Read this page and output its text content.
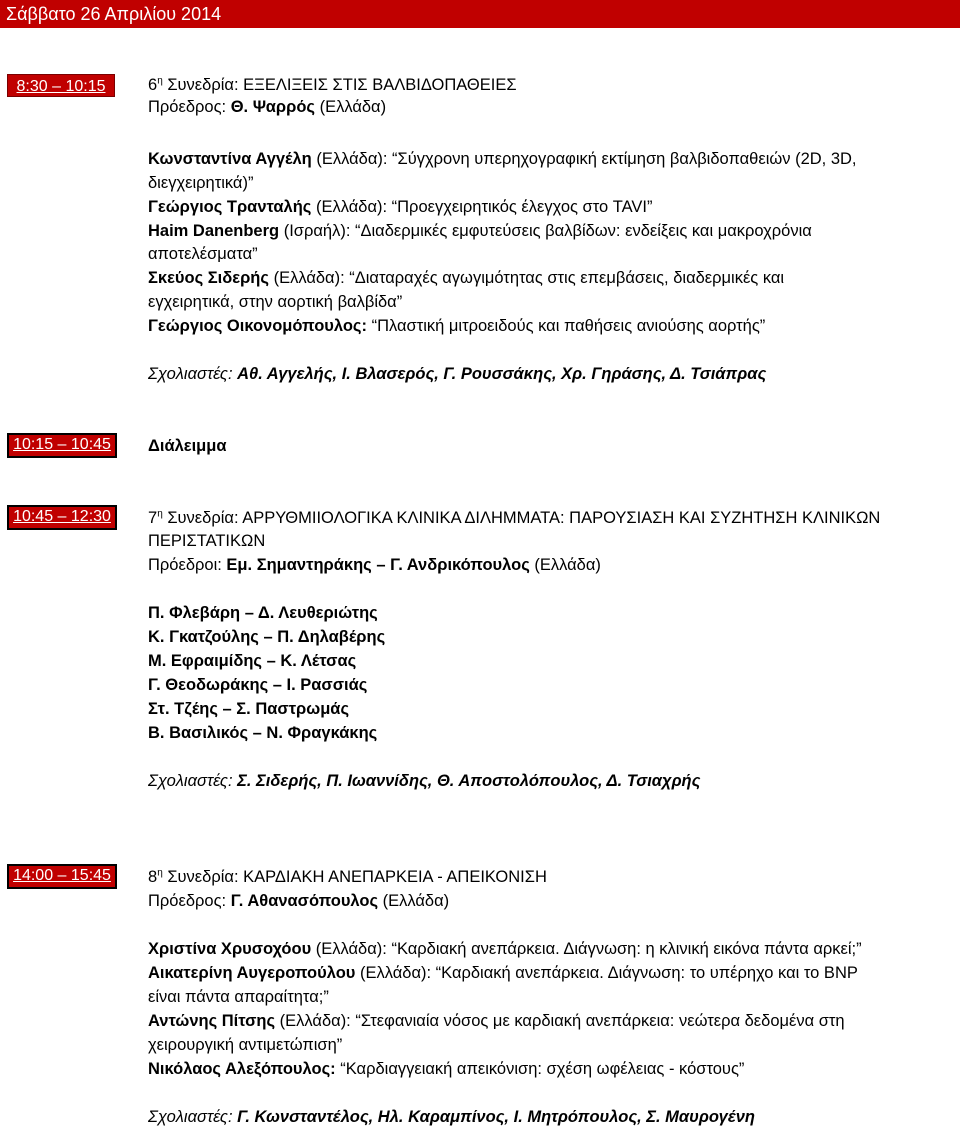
Σάββατο 26 Απριλίου 2014
8:30 – 10:15	$6^\eta$ Συνεδρία: ΕΞΕΛΙΞΕΙΣ ΣΤΙΣ ΒΑΛΒΙΔΟΠΑΘΕΙΕΣ
Πρόεδρος: Θ. Ψαρρός (Ελλάδα)
Κωνσταντίνα Αγγέλη (Ελλάδα): “Σύγχρονη υπερηχογραφική εκτίμηση βαλβιδοπαθειών (2D, 3D,
διεγχειρητικά)”
Γεώργιος Τρανταλής (Ελλάδα): “Προεγχειρητικός έλεγχος στο TAVI”
Haim Danenberg (Ισραήλ): “Διαδερμικές εμφυτεύσεις βαλβίδων: ενδείξεις και μακροχρόνια
αποτελέσματα”
Σκεύος Σιδερής (Ελλάδα): “Διαταραχές αγωγιμότητας στις επεμβάσεις, διαδερμικές και
εγχειρητικά, στην αορτική βαλβίδα”
Γεώργιος Οικονομόπουλος: “Πλαστική μιτροειδούς και παθήσεις ανιούσης αορτής”
Σχολιαστές: Αθ. Αγγελής, Ι. Βλασερός, Γ. Ρουσσάκης, Χρ. Γηράσης, Δ. Τσιάπρας
10:15 – 10:45	Διάλειμμα
10:45 – 12:30	$7^\eta$ Συνεδρία: ΑΡΡΥΘΜΙΙΟΛΟΓΙΚΑ ΚΛΙΝΙΚΑ ΔΙΛΗΜΜΑΤΑ: ΠΑΡΟΥΣΙΑΣΗ ΚΑΙ ΣΥΖΗΤΗΣΗ ΚΛΙΝΙΚΩΝ
ΠΕΡΙΣΤΑΤΙΚΩΝ
Πρόεδροι: Εμ. Σημαντηράκης – Γ. Ανδρικόπουλος (Ελλάδα)
Π. Φλεβάρη – Δ. Λευθεριώτης
Κ. Γκατζούλης – Π. Δηλαβέρης
Μ. Εφραιμίδης – Κ. Λέτσας
Γ. Θεοδωράκης – Ι. Ρασσιάς
Στ. Τζέης – Σ. Παστρωμάς
Β. Βασιλικός – Ν. Φραγκάκης
Σχολιαστές: Σ. Σιδερής, Π. Ιωαννίδης, Θ. Αποστολόπουλος, Δ. Τσιαχρής
14:00 – 15:45	$8^\eta$ Συνεδρία: ΚΑΡΔΙΑΚΗ ΑΝΕΠΑΡΚΕΙΑ - ΑΠΕΙΚΟΝΙΣΗ
Πρόεδρος: Γ. Αθανασόπουλος (Ελλάδα)
Χριστίνα Χρυσοχόου (Ελλάδα): “Καρδιακή ανεπάρκεια. Διάγνωση: η κλινική εικόνα πάντα αρκεί;”
Αικατερίνη Αυγεροπούλου (Ελλάδα): “Καρδιακή ανεπάρκεια. Διάγνωση: το υπέρηχο και το BNP
είναι πάντα απαραίτητα;”
Αντώνης Πίτσης (Ελλάδα): “Στεφανιαία νόσος με καρδιακή ανεπάρκεια: νεώτερα δεδομένα στη
χειρουργική αντιμετώπιση”
Νικόλαος Αλεξόπουλος: “Καρδιαγγειακή απεικόνιση: σχέση ωφέλειας - κόστους”
Σχολιαστές: Γ. Κωνσταντέλος, Ηλ. Καραμπίνος, Ι. Μητρόπουλος, Σ. Μαυρογένη
